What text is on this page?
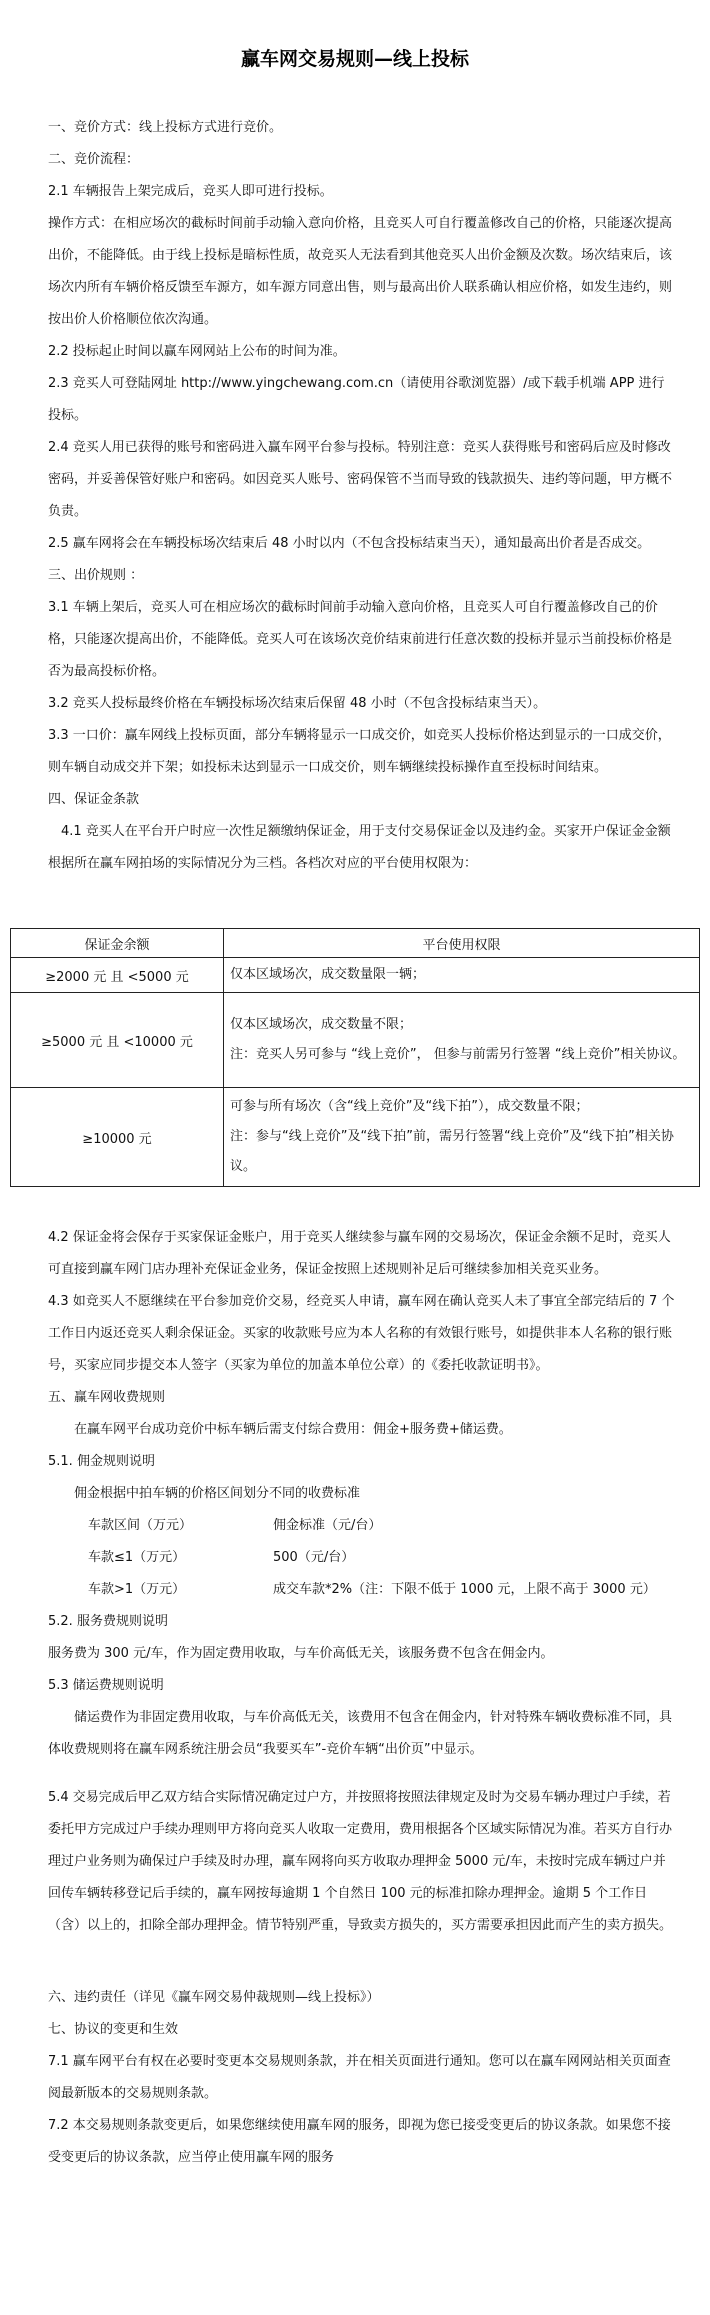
赢车网交易规则—线上投标

一、竞价方式：线上投标方式进行竞价。

二、竞价流程：

2.1 车辆报告上架完成后，竞买人即可进行投标。

操作方式：在相应场次的截标时间前手动输入意向价格，且竞买人可自行覆盖修改自己的价格，只能逐次提高出价，不能降低。由于线上投标是暗标性质，故竞买人无法看到其他竞买人出价金额及次数。场次结束后，该场次内所有车辆价格反馈至车源方，如车源方同意出售，则与最高出价人联系确认相应价格，如发生违约，则按出价人价格顺位依次沟通。

2.2 投标起止时间以赢车网网站上公布的时间为准。

2.3 竞买人可登陆网址 http://www.yingchewang.com.cn（请使用谷歌浏览器）/或下载手机端 APP 进行投标。

2.4 竞买人用已获得的账号和密码进入赢车网平台参与投标。特别注意：竞买人获得账号和密码后应及时修改密码，并妥善保管好账户和密码。如因竞买人账号、密码保管不当而导致的钱款损失、违约等问题，甲方概不负责。

2.5 赢车网将会在车辆投标场次结束后 48 小时以内（不包含投标结束当天），通知最高出价者是否成交。

三、出价规则 ：

3.1 车辆上架后，竞买人可在相应场次的截标时间前手动输入意向价格，且竞买人可自行覆盖修改自己的价格，只能逐次提高出价，不能降低。竞买人可在该场次竞价结束前进行任意次数的投标并显示当前投标价格是否为最高投标价格。

3.2 竞买人投标最终价格在车辆投标场次结束后保留 48 小时（不包含投标结束当天）。

3.3 一口价：赢车网线上投标页面，部分车辆将显示一口成交价，如竞买人投标价格达到显示的一口成交价，则车辆自动成交并下架；如投标未达到显示一口成交价，则车辆继续投标操作直至投标时间结束。

四、保证金条款

4.1 竞买人在平台开户时应一次性足额缴纳保证金，用于支付交易保证金以及违约金。买家开户保证金金额根据所在赢车网拍场的实际情况分为三档。各档次对应的平台使用权限为：

保证金余额	平台使用权限
≥2000 元 且 <5000 元	仅本区域场次，成交数量限一辆；

≥5000 元 且 <10000 元	仅本区域场次，成交数量不限；
注：竞买人另可参与 “线上竞价”， 但参与前需另行签署 “线上竞价”相关协议。

≥10000 元	可参与所有场次（含“线上竞价”及“线下拍”），成交数量不限；
注：参与“线上竞价”及“线下拍”前，需另行签署“线上竞价”及“线下拍”相关协议。

4.2 保证金将会保存于买家保证金账户，用于竞买人继续参与赢车网的交易场次，保证金余额不足时，竞买人可直接到赢车网门店办理补充保证金业务，保证金按照上述规则补足后可继续参加相关竞买业务。

4.3 如竞买人不愿继续在平台参加竞价交易，经竞买人申请，赢车网在确认竞买人未了事宜全部完结后的 7 个工作日内返还竞买人剩余保证金。买家的收款账号应为本人名称的有效银行账号，如提供非本人名称的银行账号，买家应同步提交本人签字（买家为单位的加盖本单位公章）的《委托收款证明书》。

五、赢车网收费规则

在赢车网平台成功竞价中标车辆后需支付综合费用：佣金+服务费+储运费。

5.1. 佣金规则说明

佣金根据中拍车辆的价格区间划分不同的收费标准

车款区间（万元）	佣金标准（元/台）

车款≤1（万元）	500（元/台）

车款>1（万元）	成交车款*2%（注：下限不低于 1000 元，上限不高于 3000 元）

5.2. 服务费规则说明

服务费为 300 元/车，作为固定费用收取，与车价高低无关，该服务费不包含在佣金内。

5.3 储运费规则说明

储运费作为非固定费用收取，与车价高低无关，该费用不包含在佣金内，针对特殊车辆收费标准不同，具体收费规则将在赢车网系统注册会员“我要买车”-竞价车辆“出价页”中显示。

5.4 交易完成后甲乙双方结合实际情况确定过户方，并按照将按照法律规定及时为交易车辆办理过户手续，若委托甲方完成过户手续办理则甲方将向竞买人收取一定费用，费用根据各个区域实际情况为准。若买方自行办理过户业务则为确保过户手续及时办理，赢车网将向买方收取办理押金 5000 元/车，未按时完成车辆过户并回传车辆转移登记后手续的，赢车网按每逾期 1 个自然日 100 元的标准扣除办理押金。逾期 5 个工作日（含）以上的，扣除全部办理押金。情节特别严重，导致卖方损失的，买方需要承担因此而产生的卖方损失。

六、违约责任（详见《赢车网交易仲裁规则—线上投标》）

七、协议的变更和生效

7.1 赢车网平台有权在必要时变更本交易规则条款，并在相关页面进行通知。您可以在赢车网网站相关页面查阅最新版本的交易规则条款。

7.2 本交易规则条款变更后，如果您继续使用赢车网的服务，即视为您已接受变更后的协议条款。如果您不接受变更后的协议条款，应当停止使用赢车网的服务
